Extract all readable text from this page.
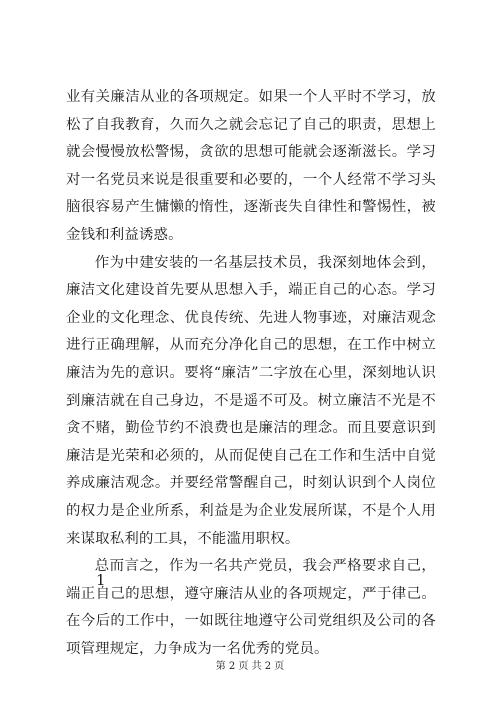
业有关廉洁从业的各项规定。如果一个人平时不学习，放松了自我教育，久而久之就会忘记了自己的职责，思想上就会慢慢放松警惕，贪欲的思想可能就会逐渐滋长。学习对一名党员来说是很重要和必要的，一个人经常不学习头脑很容易产生慵懒的惰性，逐渐丧失自律性和警惕性，被金钱和利益诱惑。

作为中建安装的一名基层技术员，我深刻地体会到，廉洁文化建设首先要从思想入手，端正自己的心态。学习企业的文化理念、优良传统、先进人物事迹，对廉洁观念进行正确理解，从而充分净化自己的思想，在工作中树立廉洁为先的意识。要将“廉洁”二字放在心里，深刻地认识到廉洁就在自己身边，不是遥不可及。树立廉洁不光是不贪不赌，勤俭节约不浪费也是廉洁的理念。而且要意识到廉洁是光荣和必须的，从而促使自己在工作和生活中自觉养成廉洁观念。并要经常警醒自己，时刻认识到个人岗位的权力是企业所系，利益是为企业发展所谋，不是个人用来谋取私利的工具，不能滥用职权。

总而言之，作为一名共产党员，我会严格要求自己，端正自己的思想，遵守廉洁从业的各项规定，严于律己。在今后的工作中，一如既往地遵守公司党组织及公司的各项管理规定，力争成为一名优秀的党员。

1
第 2 页 共 2 页
